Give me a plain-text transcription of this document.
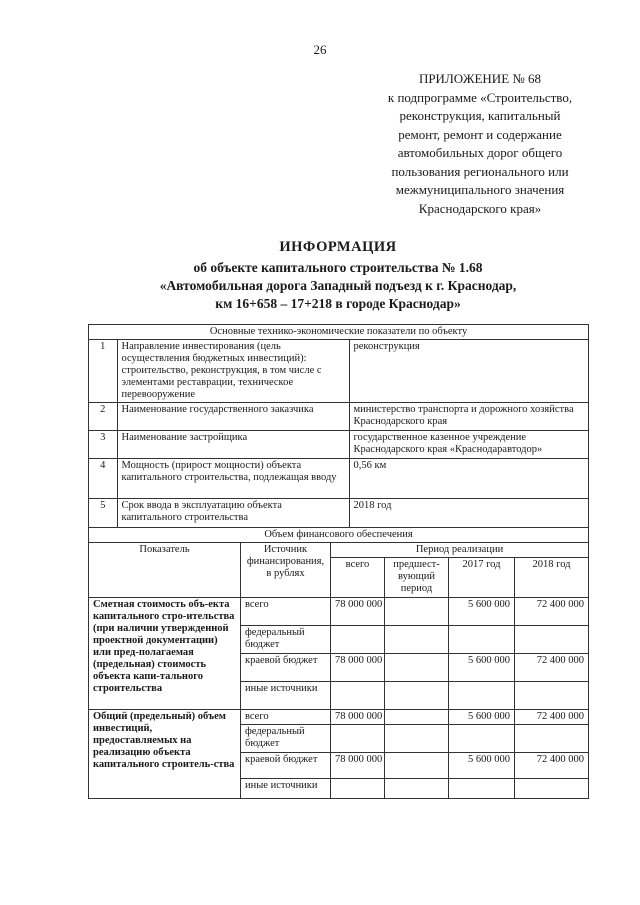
26
ПРИЛОЖЕНИЕ № 68
к подпрограмме «Строительство,
реконструкция, капитальный
ремонт, ремонт и содержание
автомобильных дорог общего
пользования регионального или
межмуниципального значения
Краснодарского края»
ИНФОРМАЦИЯ
об объекте капитального строительства № 1.68
«Автомобильная дорога Западный подъезд к г. Краснодар,
км 16+658 – 17+218 в городе Краснодар»
Основные технико-экономические показатели по объекту

1	Направление инвестирования (цель осуществления бюджетных инвестиций): строительство, реконструкция, в том числе с элементами реставрации, техническое перевооружение	реконструкция
2	Наименование государственного заказчика	министерство транспорта и дорожного хозяйства Краснодарского края
3	Наименование застройщика	государственное казенное учреждение Краснодарского края «Краснодаравтодор»
4	Мощность (прирост мощности) объекта капитального строительства, подлежащая вводу	0,56 км
5	Срок ввода в эксплуатацию объекта капитального строительства	2018 год

Объем финансового обеспечения
Показатель	Источник финансирования, в рублях	Период реализации
всего	предшест-вующий период	2017 год	2018 год
Сметная стоимость объ-екта капитального стро-ительства (при наличии утвержденной проектной документации) или пред-полагаемая (предельная) стоимость объекта капи-тального строительства	всего	78 000 000		5 600 000	72 400 000
федеральный бюджет				
краевой бюджет	78 000 000		5 600 000	72 400 000
иные источники				
Общий (предельный) объем инвестиций, предоставляемых на реализацию объекта капитального строитель-ства	всего	78 000 000		5 600 000	72 400 000
федеральный бюджет				
краевой бюджет	78 000 000		5 600 000	72 400 000
иные источники				
